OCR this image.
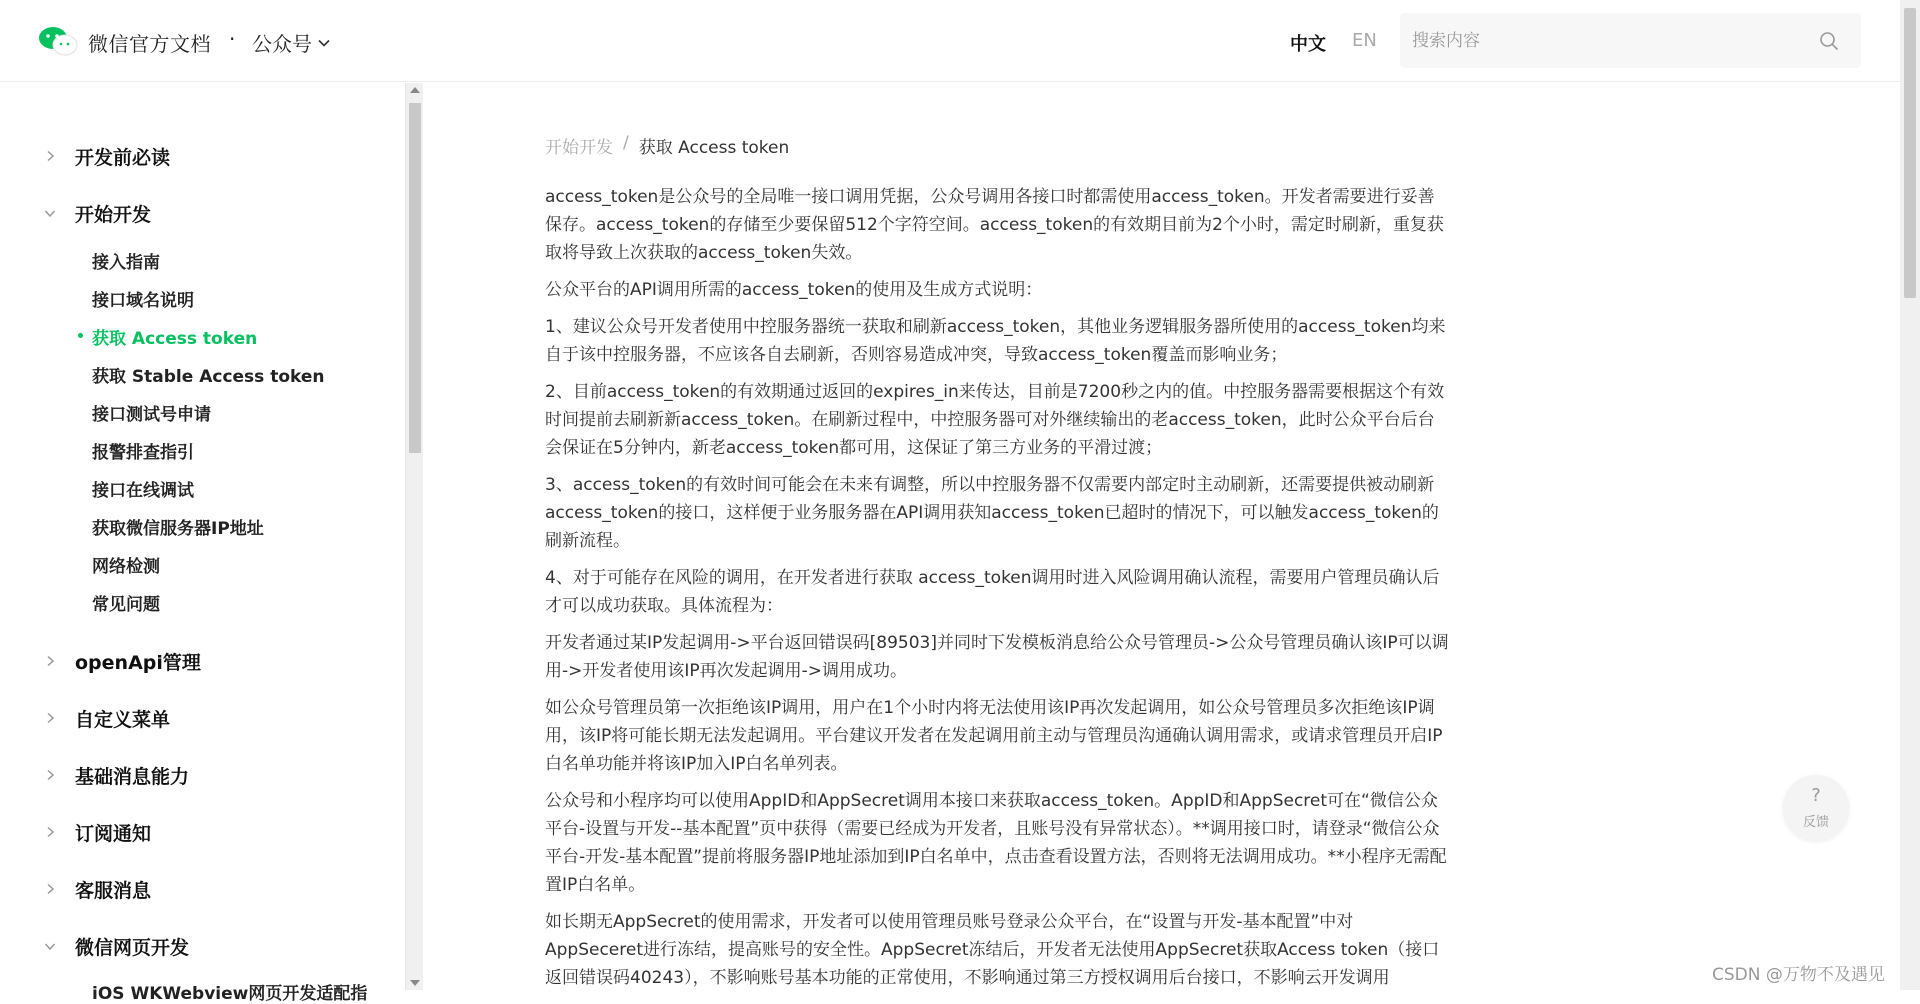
微信官方文档 · 公众号	中文 EN
搜索内容
开发前必读
开始开发
接入指南
接口域名说明
获取 Access token
获取 Stable Access token
接口测试号申请
报警排查指引
接口在线调试
获取微信服务器IP地址
网络检测
常见问题
openApi管理
自定义菜单
基础消息能力
订阅通知
客服消息
微信网页开发
iOS WKWebview网页开发适配指
开始开发 / 获取 Access token

access_token是公众号的全局唯一接口调用凭据，公众号调用各接口时都需使用access_token。开发者需要进行妥善保存。access_token的存储至少要保留512个字符空间。access_token的有效期目前为2个小时，需定时刷新，重复获取将导致上次获取的access_token失效。

公众平台的API调用所需的access_token的使用及生成方式说明：

1、建议公众号开发者使用中控服务器统一获取和刷新access_token，其他业务逻辑服务器所使用的access_token均来自于该中控服务器，不应该各自去刷新，否则容易造成冲突，导致access_token覆盖而影响业务；

2、目前access_token的有效期通过返回的expires_in来传达，目前是7200秒之内的值。中控服务器需要根据这个有效时间提前去刷新新access_token。在刷新过程中，中控服务器可对外继续输出的老access_token，此时公众平台后台会保证在5分钟内，新老access_token都可用，这保证了第三方业务的平滑过渡；

3、access_token的有效时间可能会在未来有调整，所以中控服务器不仅需要内部定时主动刷新，还需要提供被动刷新access_token的接口，这样便于业务服务器在API调用获知access_token已超时的情况下，可以触发access_token的刷新流程。

4、对于可能存在风险的调用，在开发者进行获取 access_token调用时进入风险调用确认流程，需要用户管理员确认后才可以成功获取。具体流程为：

开发者通过某IP发起调用->平台返回错误码[89503]并同时下发模板消息给公众号管理员->公众号管理员确认该IP可以调用->开发者使用该IP再次发起调用->调用成功。

如公众号管理员第一次拒绝该IP调用，用户在1个小时内将无法使用该IP再次发起调用，如公众号管理员多次拒绝该IP调用，该IP将可能长期无法发起调用。平台建议开发者在发起调用前主动与管理员沟通确认调用需求，或请求管理员开启IP白名单功能并将该IP加入IP白名单列表。

公众号和小程序均可以使用AppID和AppSecret调用本接口来获取access_token。AppID和AppSecret可在“微信公众平台-设置与开发--基本配置”页中获得（需要已经成为开发者，且账号没有异常状态）。**调用接口时，请登录“微信公众平台-开发-基本配置”提前将服务器IP地址添加到IP白名单中，点击查看设置方法，否则将无法调用成功。**小程序无需配置IP白名单。

如长期无AppSecret的使用需求，开发者可以使用管理员账号登录公众平台，在“设置与开发-基本配置”中对AppSeceret进行冻结，提高账号的安全性。AppSecret冻结后，开发者无法使用AppSecret获取Access token（接口返回错误码40243），不影响账号基本功能的正常使用，不影响通过第三方授权调用后台接口，不影响云开发调用

?
反馈
CSDN @万物不及遇见
